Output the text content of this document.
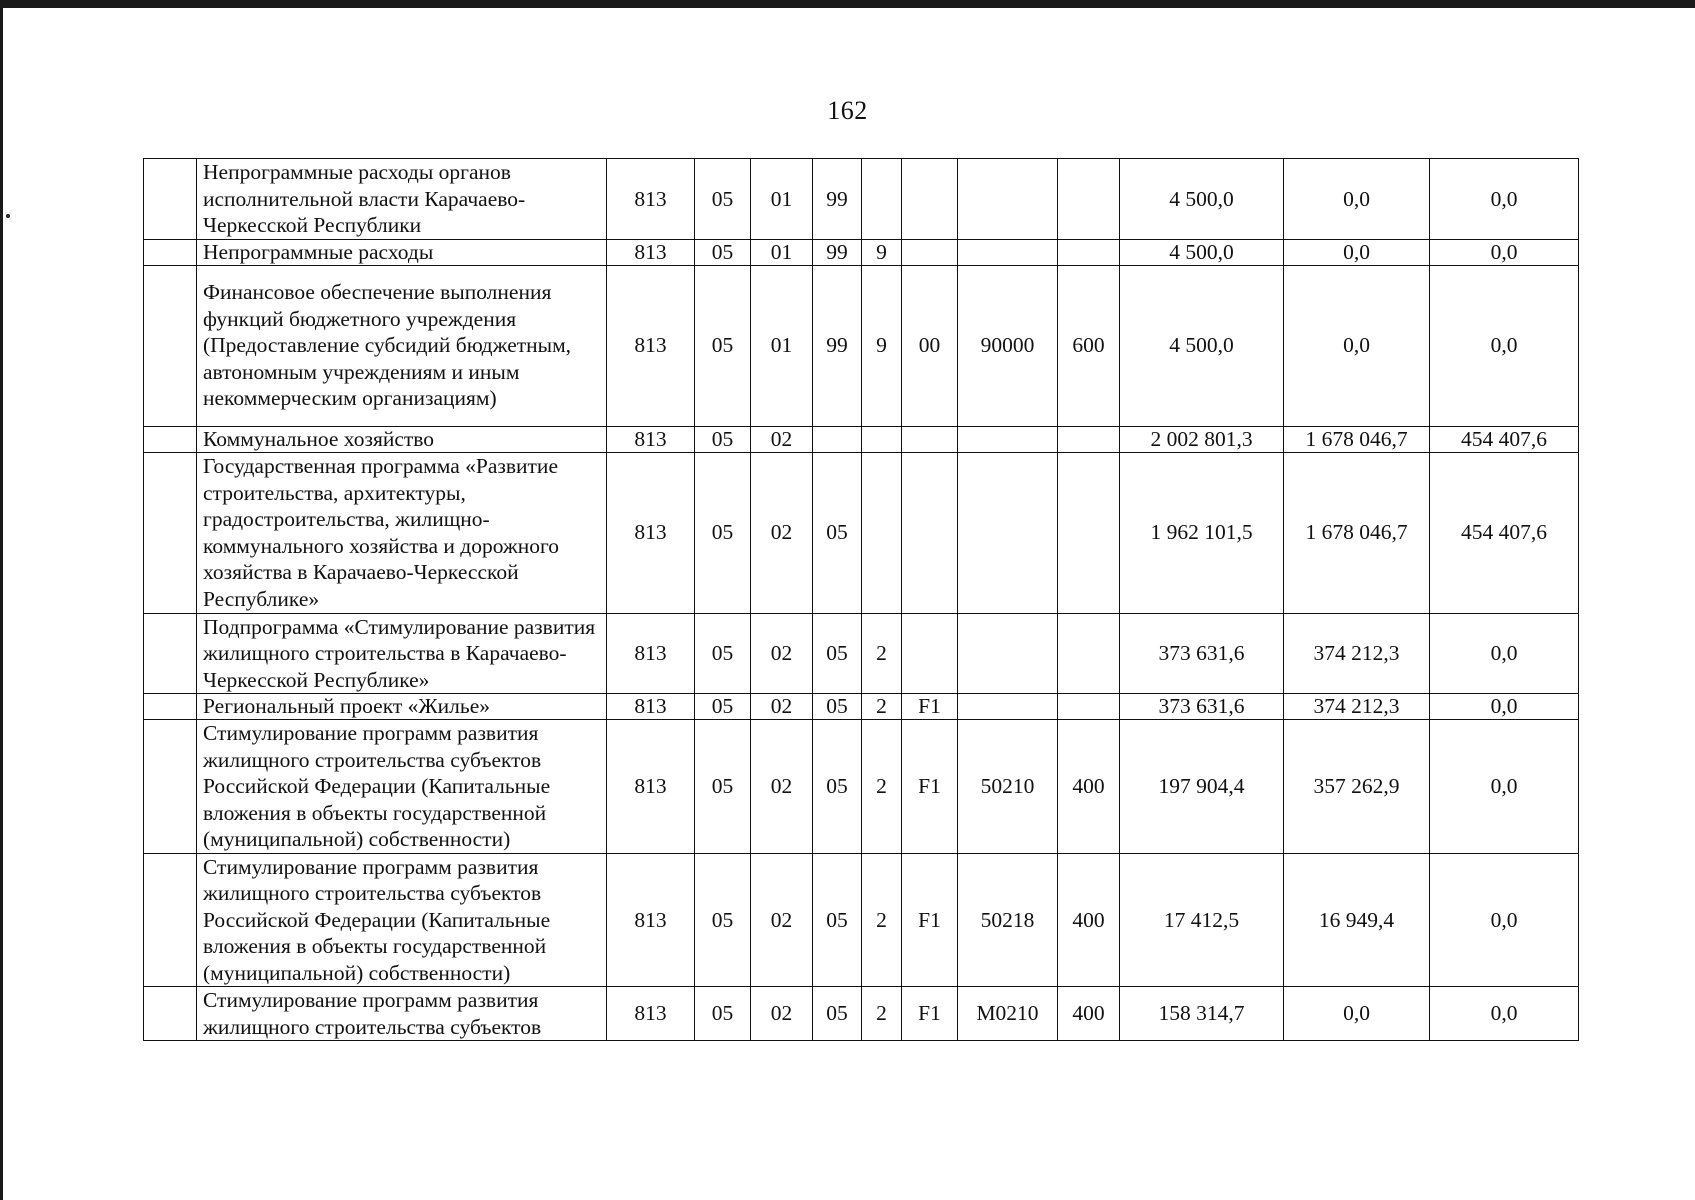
162
	Непрограммные расходы органов исполнительной власти Карачаево-Черкесской Республики	813	05	01	99					4 500,0	0,0	0,0
	Непрограммные расходы	813	05	01	99	9				4 500,0	0,0	0,0
	Финансовое обеспечение выполнения функций бюджетного учреждения (Предоставление субсидий бюджетным, автономным учреждениям и иным некоммерческим организациям)	813	05	01	99	9	00	90000	600	4 500,0	0,0	0,0
	Коммунальное хозяйство	813	05	02						2 002 801,3	1 678 046,7	454 407,6
	Государственная программа «Развитие строительства, архитектуры, градостроительства, жилищно-коммунального хозяйства и дорожного хозяйства в Карачаево-Черкесской Республике»	813	05	02	05					1 962 101,5	1 678 046,7	454 407,6
	Подпрограмма «Стимулирование развития жилищного строительства в Карачаево-Черкесской Республике»	813	05	02	05	2				373 631,6	374 212,3	0,0
	Региональный проект «Жилье»	813	05	02	05	2	F1			373 631,6	374 212,3	0,0
	Стимулирование программ развития жилищного строительства субъектов Российской Федерации (Капитальные вложения в объекты государственной (муниципальной) собственности)	813	05	02	05	2	F1	50210	400	197 904,4	357 262,9	0,0
	Стимулирование программ развития жилищного строительства субъектов Российской Федерации (Капитальные вложения в объекты государственной (муниципальной) собственности)	813	05	02	05	2	F1	50218	400	17 412,5	16 949,4	0,0
	Стимулирование программ развития жилищного строительства субъектов	813	05	02	05	2	F1	M0210	400	158 314,7	0,0	0,0
